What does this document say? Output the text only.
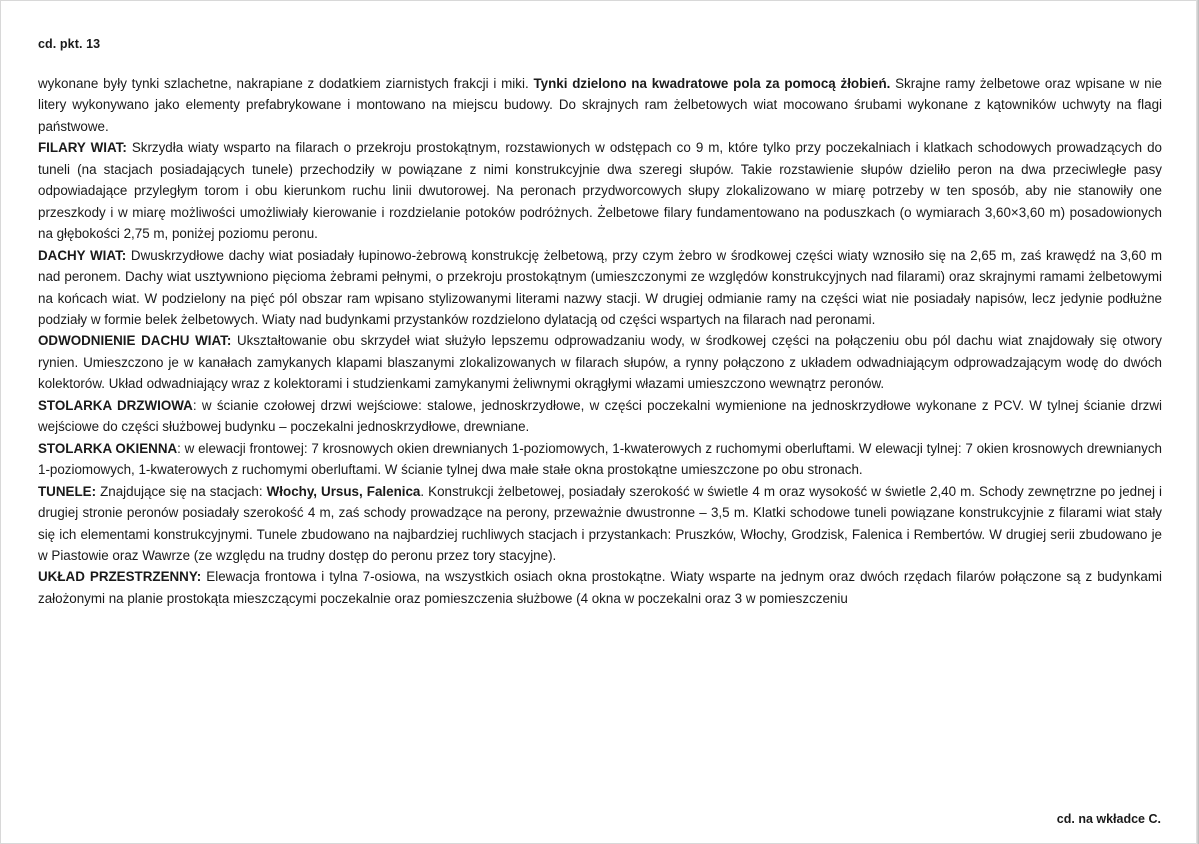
cd. pkt. 13

wykonane były tynki szlachetne, nakrapiane z dodatkiem ziarnistych frakcji i miki. Tynki dzielono na kwadratowe pola za pomocą żłobień. Skrajne ramy żelbetowe oraz wpisane w nie litery wykonywano jako elementy prefabrykowane i montowano na miejscu budowy. Do skrajnych ram żelbetowych wiat mocowano śrubami wykonane z kątowników uchwyty na flagi państwowe.

FILARY WIAT: Skrzydła wiaty wsparto na filarach o przekroju prostokątnym, rozstawionych w odstępach co 9 m, które tylko przy poczekalniach i klatkach schodowych prowadzących do tuneli (na stacjach posiadających tunele) przechodziły w powiązane z nimi konstrukcyjnie dwa szeregi słupów. Takie rozstawienie słupów dzieliło peron na dwa przeciwległe pasy odpowiadające przyległym torom i obu kierunkom ruchu linii dwutorowej. Na peronach przydworcowych słupy zlokalizowano w miarę potrzeby w ten sposób, aby nie stanowiły one przeszkody i w miarę możliwości umożliwiały kierowanie i rozdzielanie potoków podróżnych. Żelbetowe filary fundamentowano na poduszkach (o wymiarach 3,60×3,60 m) posadowionych na głębokości 2,75 m, poniżej poziomu peronu.

DACHY WIAT: Dwuskrzydłowe dachy wiat posiadały łupinowo-żebrową konstrukcję żelbetową, przy czym żebro w środkowej części wiaty wznosiło się na 2,65 m, zaś krawędź na 3,60 m nad peronem. Dachy wiat usztywniono pięcioma żebrami pełnymi, o przekroju prostokątnym (umieszczonymi ze względów konstrukcyjnych nad filarami) oraz skrajnymi ramami żelbetowymi na końcach wiat. W podzielony na pięć pól obszar ram wpisano stylizowanymi literami nazwy stacji. W drugiej odmianie ramy na części wiat nie posiadały napisów, lecz jedynie podłużne podziały w formie belek żelbetowych. Wiaty nad budynkami przystanków rozdzielono dylatacją od części wspartych na filarach nad peronami.

ODWODNIENIE DACHU WIAT: Ukształtowanie obu skrzydeł wiat służyło lepszemu odprowadzaniu wody, w środkowej części na połączeniu obu pól dachu wiat znajdowały się otwory rynien. Umieszczono je w kanałach zamykanych klapami blaszanymi zlokalizowanych w filarach słupów, a rynny połączono z układem odwadniającym odprowadzającym wodę do dwóch kolektorów. Układ odwadniający wraz z kolektorami i studzienkami zamykanymi żeliwnymi okrągłymi włazami umieszczono wewnątrz peronów.

STOLARKA DRZWIOWA: w ścianie czołowej drzwi wejściowe: stalowe, jednoskrzydłowe, w części poczekalni wymienione na jednoskrzydłowe wykonane z PCV. W tylnej ścianie drzwi wejściowe do części służbowej budynku – poczekalni jednoskrzydłowe, drewniane.

STOLARKA OKIENNA: w elewacji frontowej: 7 krosnowych okien drewnianych 1-poziomowych, 1-kwaterowych z ruchomymi oberluftami. W elewacji tylnej: 7 okien krosnowych drewnianych 1-poziomowych, 1-kwaterowych z ruchomymi oberluftami. W ścianie tylnej dwa małe stałe okna prostokątne umieszczone po obu stronach.

TUNELE: Znajdujące się na stacjach: Włochy, Ursus, Falenica. Konstrukcji żelbetowej, posiadały szerokość w świetle 4 m oraz wysokość w świetle 2,40 m. Schody zewnętrzne po jednej i drugiej stronie peronów posiadały szerokość 4 m, zaś schody prowadzące na perony, przeważnie dwustronne – 3,5 m. Klatki schodowe tuneli powiązane konstrukcyjnie z filarami wiat stały się ich elementami konstrukcyjnymi. Tunele zbudowano na najbardziej ruchliwych stacjach i przystankach: Pruszków, Włochy, Grodzisk, Falenica i Rembertów. W drugiej serii zbudowano je w Piastowie oraz Wawrze (ze względu na trudny dostęp do peronu przez tory stacyjne).

UKŁAD PRZESTRZENNY: Elewacja frontowa i tylna 7-osiowa, na wszystkich osiach okna prostokątne. Wiaty wsparte na jednym oraz dwóch rzędach filarów połączone są z budynkami założonymi na planie prostokąta mieszczącymi poczekalnie oraz pomieszczenia służbowe (4 okna w poczekalni oraz 3 w pomieszczeniu

cd. na wkładce C.
